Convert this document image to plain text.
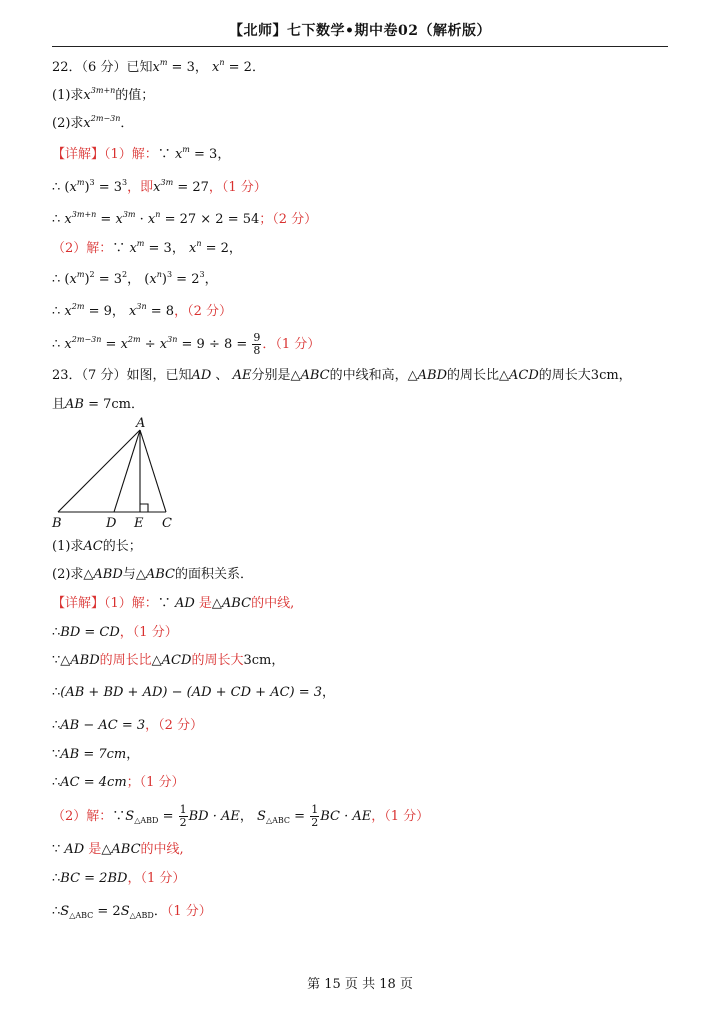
【北师】七下数学•期中卷02（解析版）
22．（6 分）已知$x^m = 3$， $x^n = 2$．
(1)求$x^{3m+n}$的值；
(2)求$x^{2m-3n}$．
【详解】（1）解：∵ $x^m = 3$，
∴ $(x^m)^3 = 3^3$，即$x^{3m} = 27$，（1 分）
∴ $x^{3m+n} = x^{3m} \cdot x^n = 27 \times 2 = 54$；（2 分）
（2）解：∵ $x^m = 3$， $x^n = 2$，
∴ $(x^m)^2 = 3^2$， $(x^n)^3 = 2^3$，
∴ $x^{2m} = 9$， $x^{3n} = 8$，（2 分）
∴ $x^{2m-3n} = x^{2m} \div x^{3n} = 9 \div 8 = \frac{9}{8}$ ．（1 分）
23．（7 分）如图，已知AD 、 AE分别是△ABC的中线和高，△ABD的周长比△ACD的周长大3cm，
且AB = 7cm．
A
B	D E C
(1)求AC的长；
(2)求△ABD与△ABC的面积关系．
【详解】（1）解：∵ AD 是△ABC的中线,
∴BD = CD，（1 分）
∵△ABD的周长比△ACD的周长大3cm，
∴(AB + BD + AD) − (AD + CD + AC) = 3，
∴AB − AC = 3，（2 分）
∵AB = 7cm，
∴AC = 4cm；（1 分）
（2）解：$\because S_{\triangle ABD} = \frac{1}{2}$ BD · AE， $S_{\triangle ABC} = \frac{1}{2}$ BC · AE，（1 分）
∵ AD 是△ABC的中线,
∴BC = 2BD，（1 分）
$\therefore S_{\triangle ABC} = 2S_{\triangle ABD}$．（1 分）
第 15 页 共 18 页
